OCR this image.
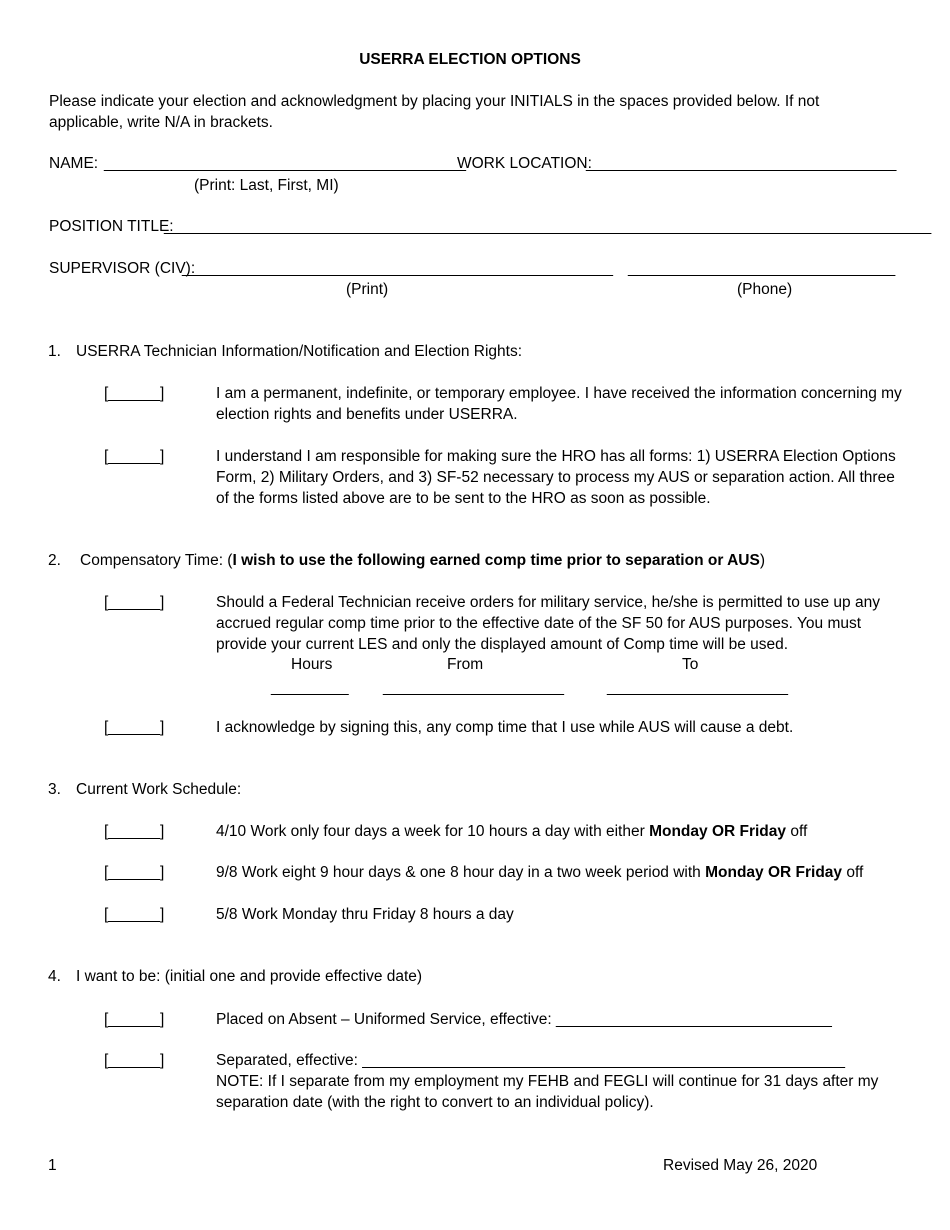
USERRA ELECTION OPTIONS
Please indicate your election and acknowledgment by placing your INITIALS in the spaces provided below. If not applicable, write N/A in brackets.
NAME: __________________________________________
WORK LOCATION:
____________________________________
(Print: Last, First, MI)
POSITION TITLE:
_________________________________________________________________________________________
SUPERVISOR (CIV):
__________________________________________________ _______________________________
(Print)	(Phone)
1. USERRA Technician Information/Notification and Election Rights:
[______]	I am a permanent, indefinite, or temporary employee. I have received the information concerning my election rights and benefits under USERRA.
[______]	I understand I am responsible for making sure the HRO has all forms: 1) USERRA Election Options Form, 2) Military Orders, and 3) SF-52 necessary to process my AUS or separation action. All three of the forms listed above are to be sent to the HRO as soon as possible.
2. Compensatory Time: (I wish to use the following earned comp time prior to separation or AUS)
[______]	Should a Federal Technician receive orders for military service, he/she is permitted to use up any accrued regular comp time prior to the effective date of the SF 50 for AUS purposes. You must provide your current LES and only the displayed amount of Comp time will be used.
Hours	From	To
_________ _____________________	_____________________
[______]	I acknowledge by signing this, any comp time that I use while AUS will cause a debt.
3. Current Work Schedule:
[______]	4/10 Work only four days a week for 10 hours a day with either Monday OR Friday off
[______]	9/8 Work eight 9 hour days & one 8 hour day in a two week period with Monday OR Friday off
[______]	5/8 Work Monday thru Friday 8 hours a day
4. I want to be: (initial one and provide effective date)
[______]	Placed on Absent – Uniformed Service, effective: ________________________________
[______]	Separated, effective: ________________________________________________________
NOTE: If I separate from my employment my FEHB and FEGLI will continue for 31 days after my separation date (with the right to convert to an individual policy).
1	Revised May 26, 2020
